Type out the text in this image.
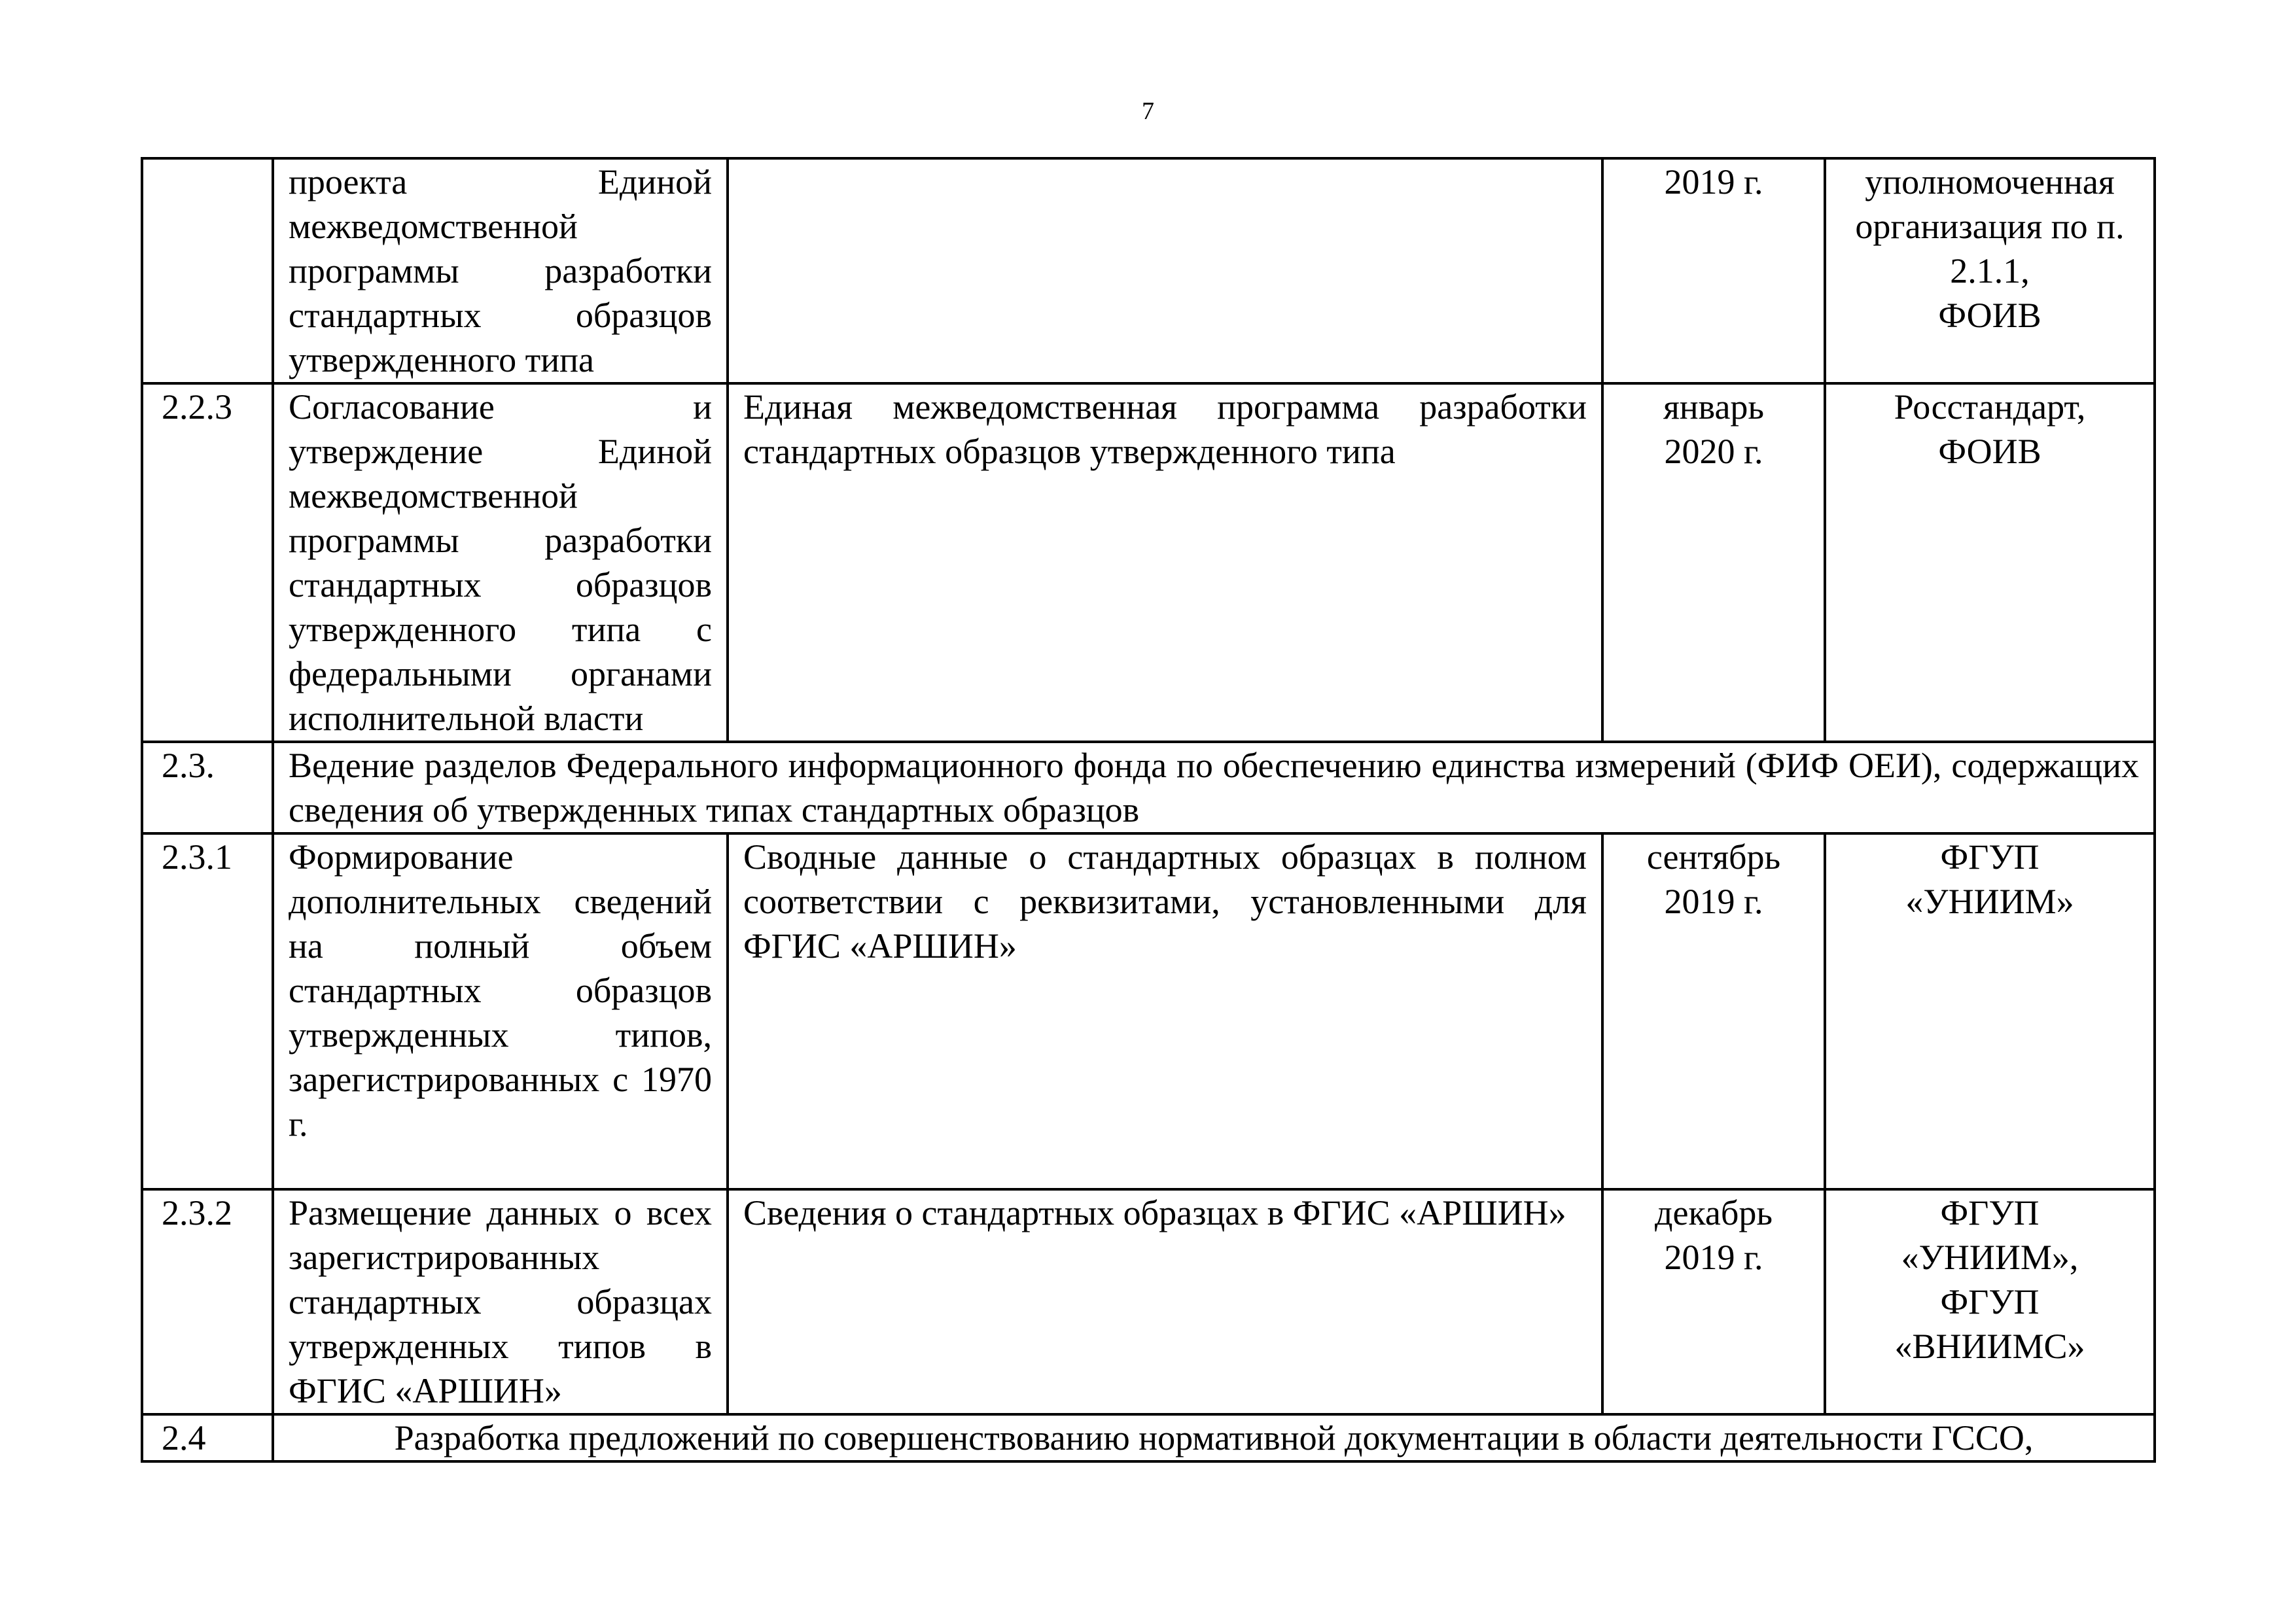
7
	проекта Единой межведомственной программы разработки стандартных образцов утвержденного типа		2019 г.	уполномоченная
организация по п.
2.1.1,
ФОИВ

2.2.3	Согласование и утверждение Единой межведомственной программы разработки стандартных образцов утвержденного типа с федеральными органами исполнительной власти	Единая межведомственная программа разработки стандартных образцов утвержденного типа	январь
2020 г.	Росстандарт,
ФОИВ

2.3.	Ведение разделов Федерального информационного фонда по обеспечению единства измерений (ФИФ ОЕИ), содержащих сведения об утвержденных типах стандартных образцов			

2.3.1	Формирование дополнительных сведений на полный объем стандартных образцов утвержденных типов, зарегистрированных с 1970 г.	Сводные данные о стандартных образцах в полном соответствии с реквизитами, установленными для ФГИС «АРШИН»	сентябрь
2019 г.	ФГУП
«УНИИМ»

2.3.2	Размещение данных о всех зарегистрированных стандартных образцах утвержденных типов в ФГИС «АРШИН»	Сведения о стандартных образцах в ФГИС «АРШИН»	декабрь
2019 г.	ФГУП
«УНИИМ»,
ФГУП
«ВНИИМС»

2.4	Разработка предложений по совершенствованию нормативной документации в области деятельности ГССО,			
